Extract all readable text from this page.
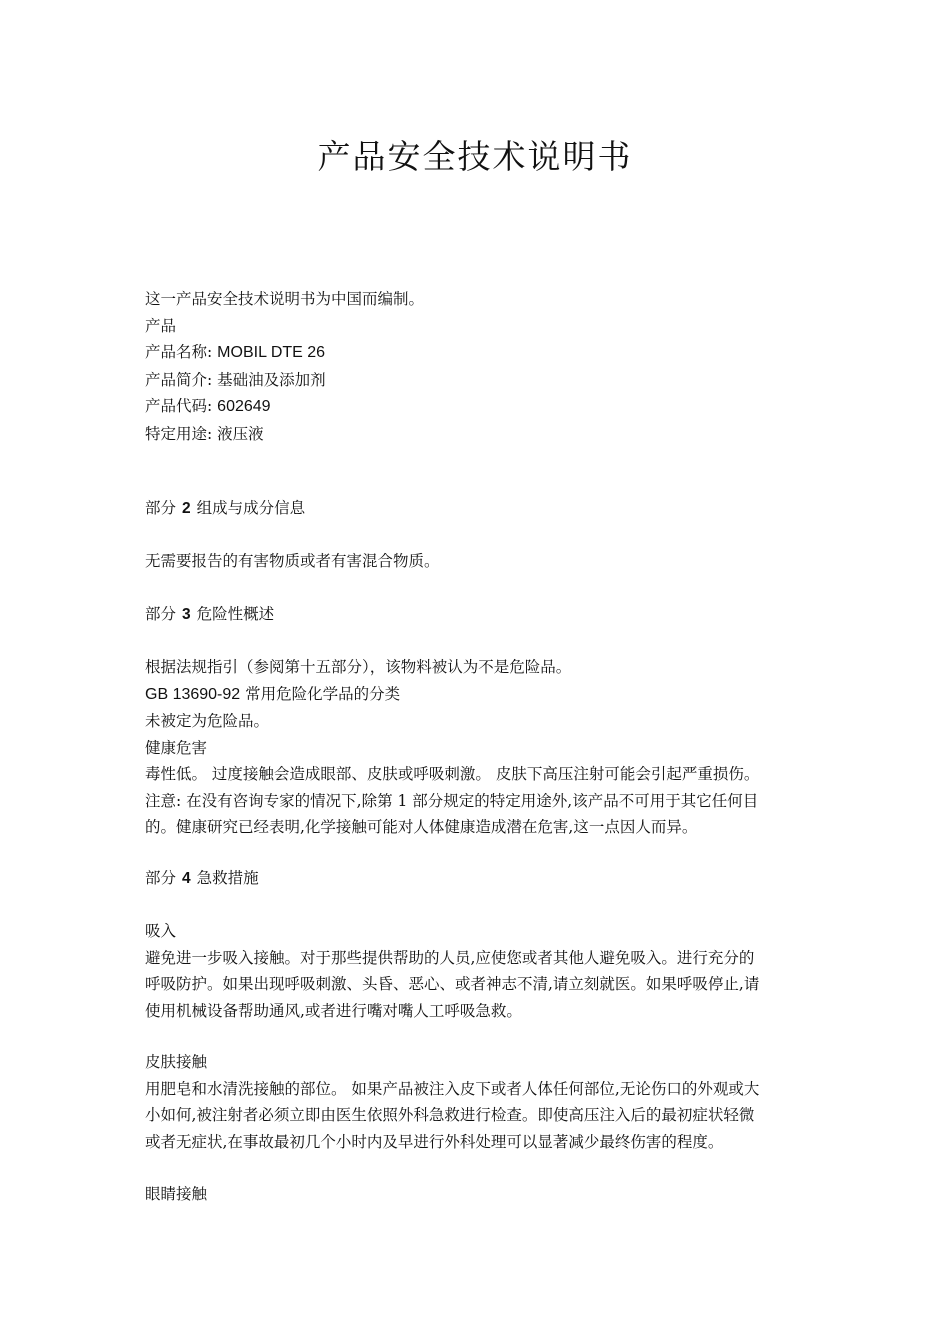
产品安全技术说明书
这一产品安全技术说明书为中国而编制。
产品
产品名称: MOBIL DTE 26
产品简介: 基础油及添加剂
产品代码: 602649
特定用途: 液压液
部分 2 组成与成分信息
无需要报告的有害物质或者有害混合物质。
部分 3 危险性概述
根据法规指引（参阅第十五部分），该物料被认为不是危险品。
GB 13690-92 常用危险化学品的分类
未被定为危险品。
健康危害
毒性低。 过度接触会造成眼部、皮肤或呼吸刺激。 皮肤下高压注射可能会引起严重损伤。
注意: 在没有咨询专家的情况下,除第 1 部分规定的特定用途外,该产品不可用于其它任何目
的。健康研究已经表明,化学接触可能对人体健康造成潜在危害,这一点因人而异。
部分 4 急救措施
吸入
避免进一步吸入接触。对于那些提供帮助的人员,应使您或者其他人避免吸入。进行充分的
呼吸防护。如果出现呼吸刺激、头昏、恶心、或者神志不清,请立刻就医。如果呼吸停止,请
使用机械设备帮助通风,或者进行嘴对嘴人工呼吸急救。
皮肤接触
用肥皂和水清洗接触的部位。 如果产品被注入皮下或者人体任何部位,无论伤口的外观或大
小如何,被注射者必须立即由医生依照外科急救进行检查。即使高压注入后的最初症状轻微
或者无症状,在事故最初几个小时内及早进行外科处理可以显著减少最终伤害的程度。
眼睛接触
